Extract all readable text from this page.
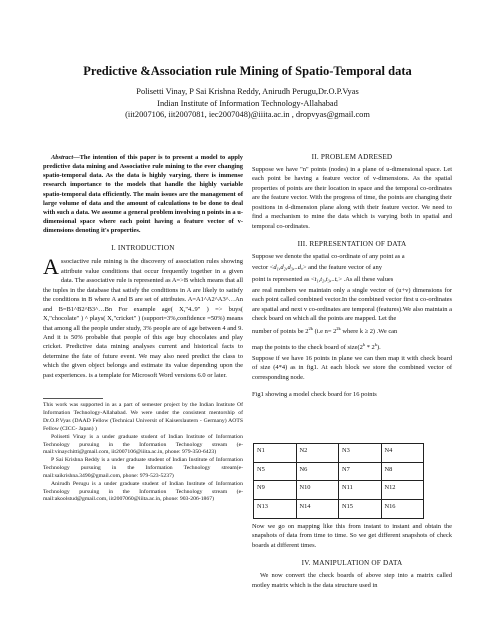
Predictive &Association rule Mining of Spatio-Temporal data
Polisetti Vinay, P Sai Krishna Reddy, Anirudh Perugu,Dr.O.P.Vyas
Indian Institute of Information Technology-Allahabad
(iit2007106, iit2007081, iec2007048)@iiita.ac.in , dropvyas@gmail.com

Abstract—The intention of this paper is to present a model to apply predictive data mining and Associative rule mining to the ever changing spatio-temporal data. As the data is highly varying, there is immense research importance to the models that handle the highly variable spatio-temporal data efficiently. The main issues are the management of large volume of data and the amount of calculations to be done to deal with such a data. We assume a general problem involving n points in a u-dimensional space where each point having a feature vector of v-dimensions denoting it's properties.

I. INTRODUCTION

Associactive rule mining is the discovery of association rules showing attribute value conditions that occur frequently together in a given data. The associative rule is represented as A=>B which means that all the tuples in the database that satisfy the conditions in A are likely to satisfy the conditions in B where A and B are set of attributes. A=A1^A2^A3^…An and B=B1^B2^B3^…Bn For example age( X,"4..9" ) => buys( X,"chocolate" ) ^ plays( X,"cricket" ) (support=3%,confidence =50%) means that among all the people under study, 3% people are of age between 4 and 9. And it is 50% probable that people of this age buy chocolates and play cricket. Predictive data mining analyses current and historical facts to determine the fate of future event. We may also need predict the class to which the given object belongs and estimate its value depending upon the past experiences. is a template for Microsoft Word versions 6.0 or later.

This work was supported in as a part of semester project by the Indian Institute Of Information Technology-Allahabad. We were under the consistent mentorship of Dr.O.P.Vyas (DAAD Fellow (Technical Universit of Kaiserslautern - Germany) AOTS Fellow (CICC- Japan) )

Polisetti Vinay is a under graduate student of Indian Institute of Information Technology pursuing in the Information Technology stream (e-mail:vinaychitti@gmail.com, iit2007106@iiita.ac.in, phone: 979-350-6423)

P Sai Krishna Reddy is a under graduate student of Indian Institute of Information Technology pursuing in the Information Technology stream(e-mail:saikrishna.3490@gmail.com, phone: 979-523-5237)

Anirudh Perugu is a under graduate student of Indian Institute of Information Technology pursuing in the Information Technology stream (e-mail:akoolstud@gmail.com, iit2007060@iiita.ac.in, phone: 903-206-1867)

II. PROBLEM ADRESED

Suppose we have "n" points (nodes) in a plane of u-dimensional space. Let each point be having a feature vector of v-dimensions. As the spatial properties of points are their location in space and the temporal co-ordinates are the feature vector. With the progress of time, the points are changing their positions in d-dimension plane along with their feature vector. We need to find a mechanism to mine the data which is varying both in spatial and temporal co-ordinates.

III. REPRESENTATION OF DATA

Suppose we denote the spatial co-ordinate of any point as a

vector <d₁,d₂,d₃,..dᵤ> and the feature vector of any

point is represented as <t₁,t₂,t₃,..tᵥ> .As all these values

are real numbers we maintain only a single vector of (u+v) dimensions for each point called combined vector.In the combined vector first u co-ordinates are spatial and next v co-ordinates are temporal (features).We also maintain a check board on which all the points are mapped. Let the

number of points be $2^{2k}$ (i.e $n= 2^{2k}$ where k ≥ 2) .We can

map the points to the check board of size(2$^k$ * 2$^k$).

Suppose if we have 16 points in plane we can then map it with check board of size (4*4) as in fig1. At each block we store the combined vector of corresponding node.

Fig1 showing a model check board for 16 points

N1	N2	N3	N4
N5	N6	N7	N8
N9	N10	N11	N12
N13	N14	N15	N16

Now we go on mapping like this from instant to instant and obtain the snapshots of data from time to time. So we get different snapshots of check boards at different times.

IV. MANIPULATION OF DATA

We now convert the check boards of above step into a matrix called motley matrix which is the data structure used in
